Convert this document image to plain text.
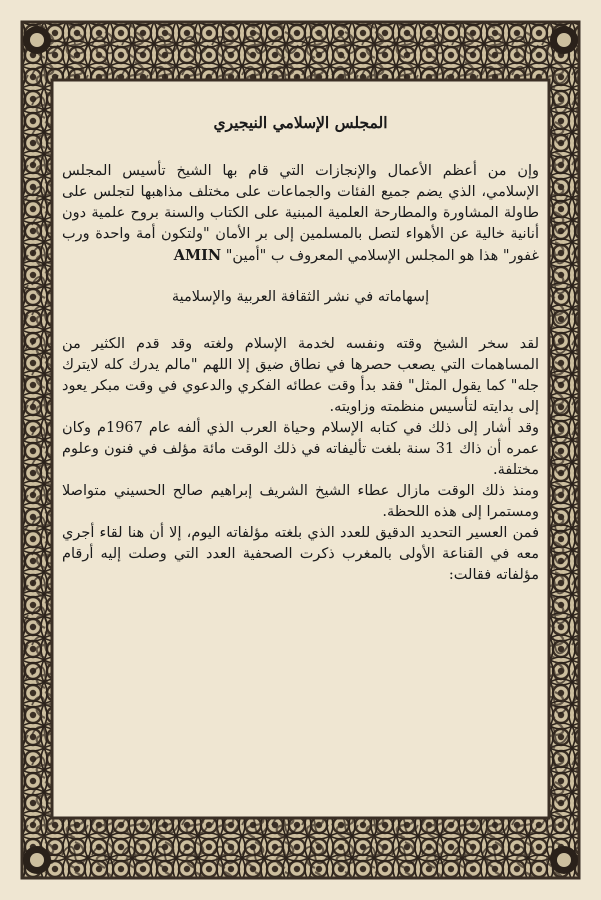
المجلس الإسلامي النيجيري

وإن من أعظم الأعمال والإنجازات التي قام بها الشيخ تأسيس المجلس الإسلامي، الذي يضم جميع الفئات والجماعات على مختلف مذاهبها لتجلس على طاولة المشاورة والمطارحة العلمية المبنية على الكتاب والسنة بروح علمية دون أنانية خالية عن الأهواء لتصل بالمسلمين إلى بر الأمان "ولتكون أمة واحدة ورب غفور" هذا هو المجلس الإسلامي المعروف ب "أمين" AMIN

إسهاماته في نشر الثقافة العربية والإسلامية

لقد سخر الشيخ وقته ونفسه لخدمة الإسلام ولغته وقد قدم الكثير من المساهمات التي يصعب حصرها في نطاق ضيق إلا اللهم "مالم يدرك كله لايترك جله" كما يقول المثل" فقد بدأ وقت عطائه الفكري والدعوي في وقت مبكر يعود إلى بدايته لتأسيس منظمته وزاويته.

وقد أشار إلى ذلك في كتابه الإسلام وحياة العرب الذي ألفه عام 1967م وكان عمره أن ذاك 31 سنة بلغت تأليفاته في ذلك الوقت مائة مؤلف في فنون وعلوم مختلفة.

ومنذ ذلك الوقت مازال عطاء الشيخ الشريف إبراهيم صالح الحسيني متواصلا ومستمرا إلى هذه اللحظة.

فمن العسير التحديد الدقيق للعدد الذي بلغته مؤلفاته اليوم، إلا أن هنا لقاء أجري معه في القناعة الأولى بالمغرب ذكرت الصحفية العدد التي وصلت إليه أرقام مؤلفاته فقالت:
